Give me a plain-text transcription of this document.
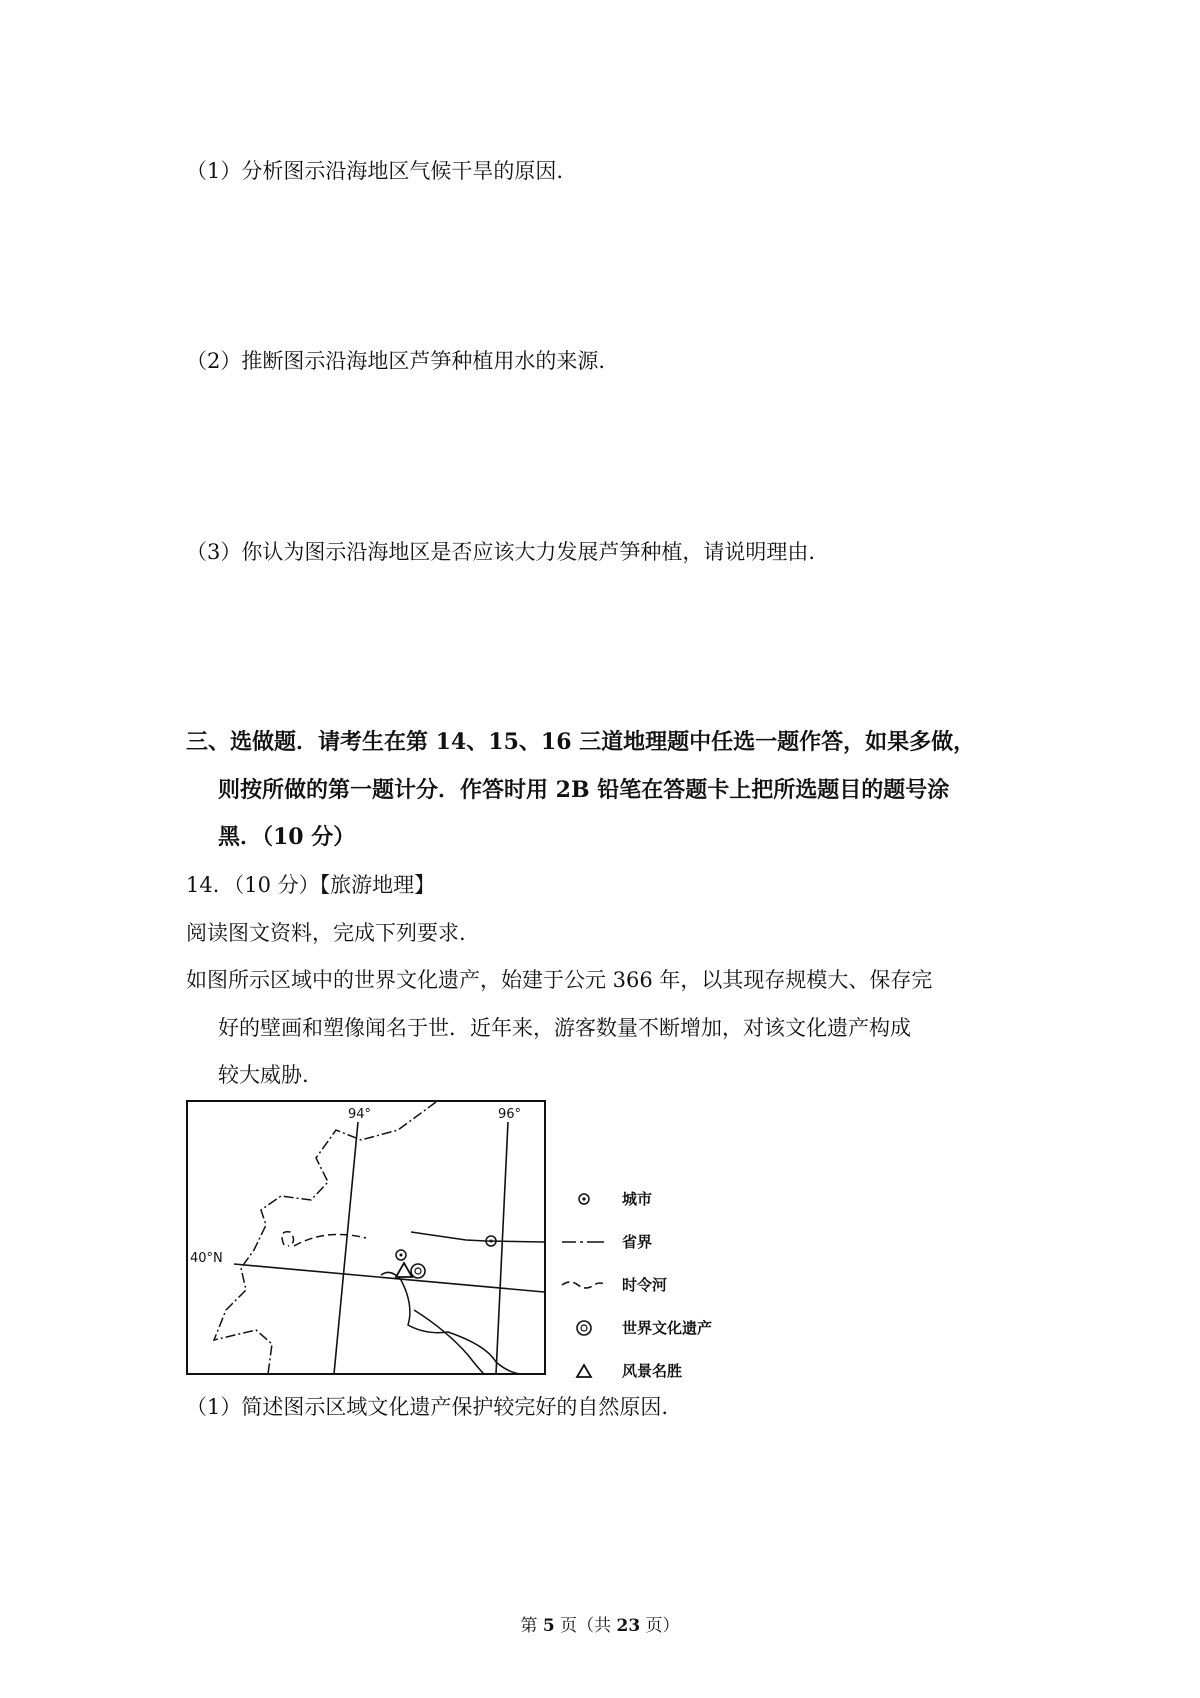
（1）分析图示沿海地区气候干旱的原因.
（2）推断图示沿海地区芦笋种植用水的来源.
（3）你认为图示沿海地区是否应该大力发展芦笋种植，请说明理由.
三、选做题．请考生在第 14、15、16 三道地理题中任选一题作答，如果多做，
则按所做的第一题计分．作答时用 2B 铅笔在答题卡上把所选题目的题号涂
黑．（10 分）
14．（10 分）【旅游地理】
阅读图文资料，完成下列要求.
如图所示区域中的世界文化遗产，始建于公元 366 年，以其现存规模大、保存完
好的壁画和塑像闻名于世．近年来，游客数量不断增加，对该文化遗产构成
较大威胁.
94°	96°
40°N
城市
省界
时令河
世界文化遗产
风景名胜
（1）简述图示区域文化遗产保护较完好的自然原因.
第 5 页（共 23 页）
